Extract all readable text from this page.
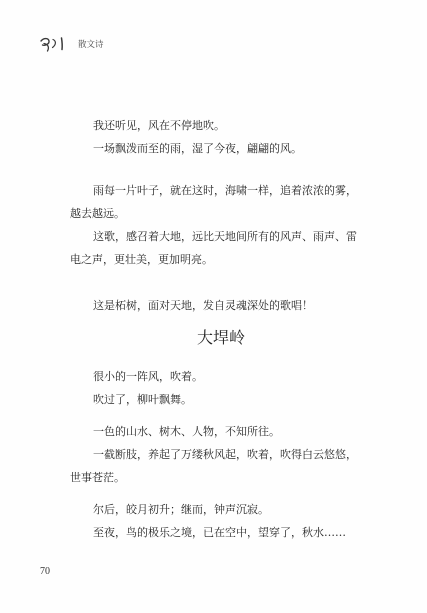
散文诗
我还听见，风在不停地吹。
一场飘泼而至的雨，湿了今夜，翩翩的风。
雨每一片叶子，就在这时，海啸一样，追着浓浓的雾，
越去越远。
这歌，感召着大地，远比天地间所有的风声、雨声、雷
电之声，更壮美，更加明亮。
这是柘树，面对天地，发自灵魂深处的歌唱！
大垾岭
很小的一阵风，吹着。
吹过了，柳叶飘舞。
一色的山水、树木、人物，不知所往。
一截断肢，养起了万缕秋风起，吹着，吹得白云悠悠，
世事苍茫。
尔后，皎月初升；继而，钟声沉寂。
至夜，鸟的极乐之境，已在空中，望穿了，秋水……
70
